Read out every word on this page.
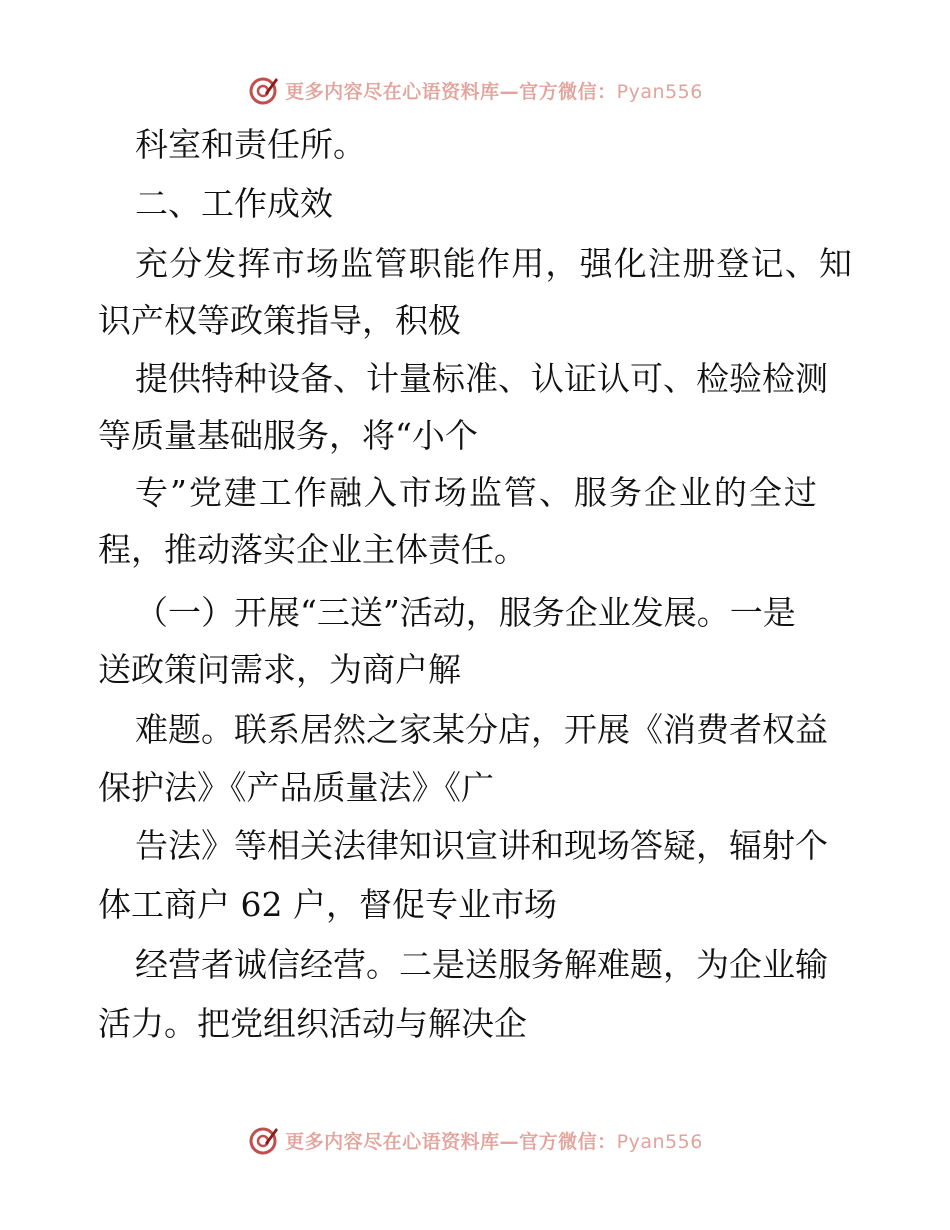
更多内容尽在心语资料库—官方微信：Pyan556
科室和责任所。
二、工作成效
充分发挥市场监管职能作用，强化注册登记、知
识产权等政策指导，积极
提供特种设备、计量标准、认证认可、检验检测
等质量基础服务，将“小个
专”党建工作融入市场监管、服务企业的全过
程，推动落实企业主体责任。
（一）开展“三送”活动，服务企业发展。一是
送政策问需求，为商户解
难题。联系居然之家某分店，开展《消费者权益
保护法》《产品质量法》《广
告法》等相关法律知识宣讲和现场答疑，辐射个
体工商户 62 户，督促专业市场
经营者诚信经营。二是送服务解难题，为企业输
活力。把党组织活动与解决企
更多内容尽在心语资料库—官方微信：Pyan556
